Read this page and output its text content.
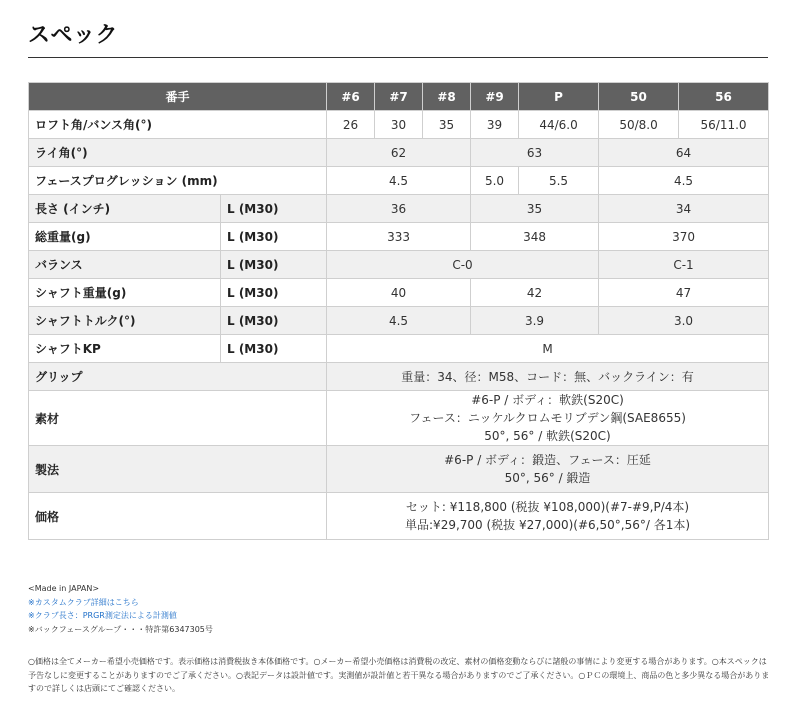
スペック
番手		#6	#7	#8	#9	P	50	56
ロフト角/バンス角(°)		26	30	35	39	44/6.0	50/8.0	56/11.0
ライ角(°)		62			63		64	
フェースプログレッション (mm)		4.5			5.0	5.5	4.5	
長さ (インチ)	L (M30)	36			35		34	
総重量(g)	L (M30)	333			348		370	
バランス	L (M30)	C-0					C-1	
シャフト重量(g)	L (M30)	40			42		47	
シャフトトルク(°)	L (M30)	4.5			3.9		3.0	
シャフトKP	L (M30)	M						
グリップ		重量：34、径：M58、コード：無、バックライン：有						
素材		#6-P / ボディ：軟鉄(S20C)
フェース：ニッケルクロムモリブデン鋼(SAE8655)
50°, 56° / 軟鉄(S20C)						

製法		#6-P / ボディ：鍛造、フェース：圧延
50°, 56° / 鍛造						

価格		セット: ¥118,800 (税抜 ¥108,000)(#7-#9,P/4本)
単品:¥29,700 (税抜 ¥27,000)(#6,50°,56°/ 各1本)						
<Made in JAPAN>
※カスタムクラブ詳細はこちら
※クラブ長さ：PRGR測定法による計測値
※バックフェースグループ・・・特許第6347305号
○価格は全てメーカー希望小売価格です。表示価格は消費税抜き本体価格です。○メーカー希望小売価格は消費税の改定、素材の価格変動ならびに諸般の事情により変更する場合があります。○本スペックは予告なしに変更することがありますのでご了承ください。○表記データは設計値です。実測値が設計値と若干異なる場合がありますのでご了承ください。○ＰＣの環境上、商品の色と多少異なる場合がありますので詳しくは店頭にてご確認ください。
